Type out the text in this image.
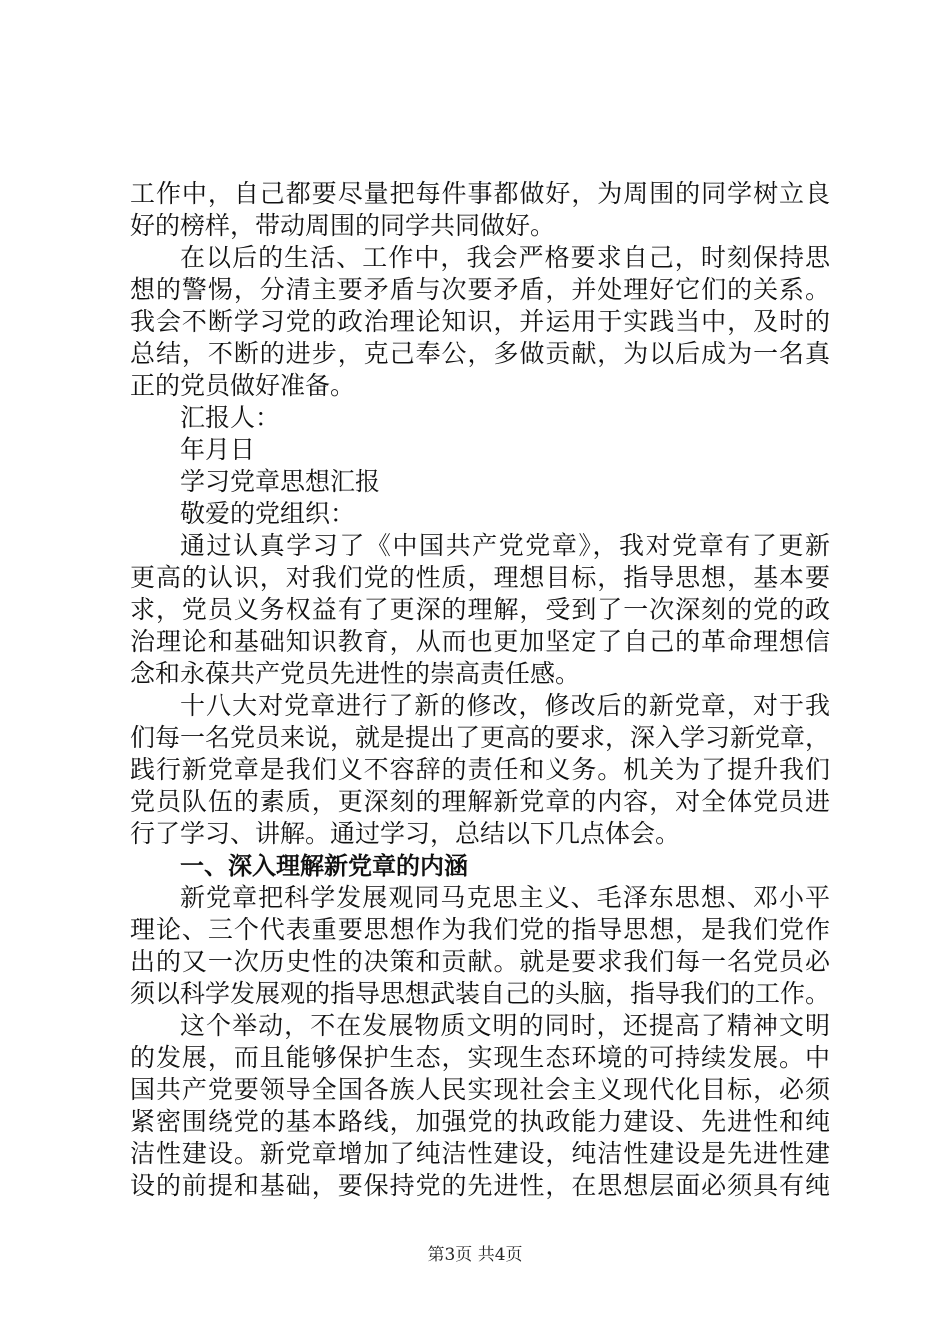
工作中，自己都要尽量把每件事都做好，为周围的同学树立良
好的榜样，带动周围的同学共同做好。
在以后的生活、工作中，我会严格要求自己，时刻保持思
想的警惕，分清主要矛盾与次要矛盾，并处理好它们的关系。
我会不断学习党的政治理论知识，并运用于实践当中，及时的
总结，不断的进步，克己奉公，多做贡献，为以后成为一名真
正的党员做好准备。
汇报人：
年月日
学习党章思想汇报
敬爱的党组织：
通过认真学习了《中国共产党党章》，我对党章有了更新
更高的认识，对我们党的性质，理想目标，指导思想，基本要
求，党员义务权益有了更深的理解，受到了一次深刻的党的政
治理论和基础知识教育，从而也更加坚定了自己的革命理想信
念和永葆共产党员先进性的崇高责任感。
十八大对党章进行了新的修改，修改后的新党章，对于我
们每一名党员来说，就是提出了更高的要求，深入学习新党章，
践行新党章是我们义不容辞的责任和义务。机关为了提升我们
党员队伍的素质，更深刻的理解新党章的内容，对全体党员进
行了学习、讲解。通过学习，总结以下几点体会。
一、深入理解新党章的内涵
新党章把科学发展观同马克思主义、毛泽东思想、邓小平
理论、三个代表重要思想作为我们党的指导思想，是我们党作
出的又一次历史性的决策和贡献。就是要求我们每一名党员必
须以科学发展观的指导思想武装自己的头脑，指导我们的工作。
这个举动，不在发展物质文明的同时，还提高了精神文明
的发展，而且能够保护生态，实现生态环境的可持续发展。中
国共产党要领导全国各族人民实现社会主义现代化目标，必须
紧密围绕党的基本路线，加强党的执政能力建设、先进性和纯
洁性建设。新党章增加了纯洁性建设，纯洁性建设是先进性建
设的前提和基础，要保持党的先进性，在思想层面必须具有纯
第3页 共4页
